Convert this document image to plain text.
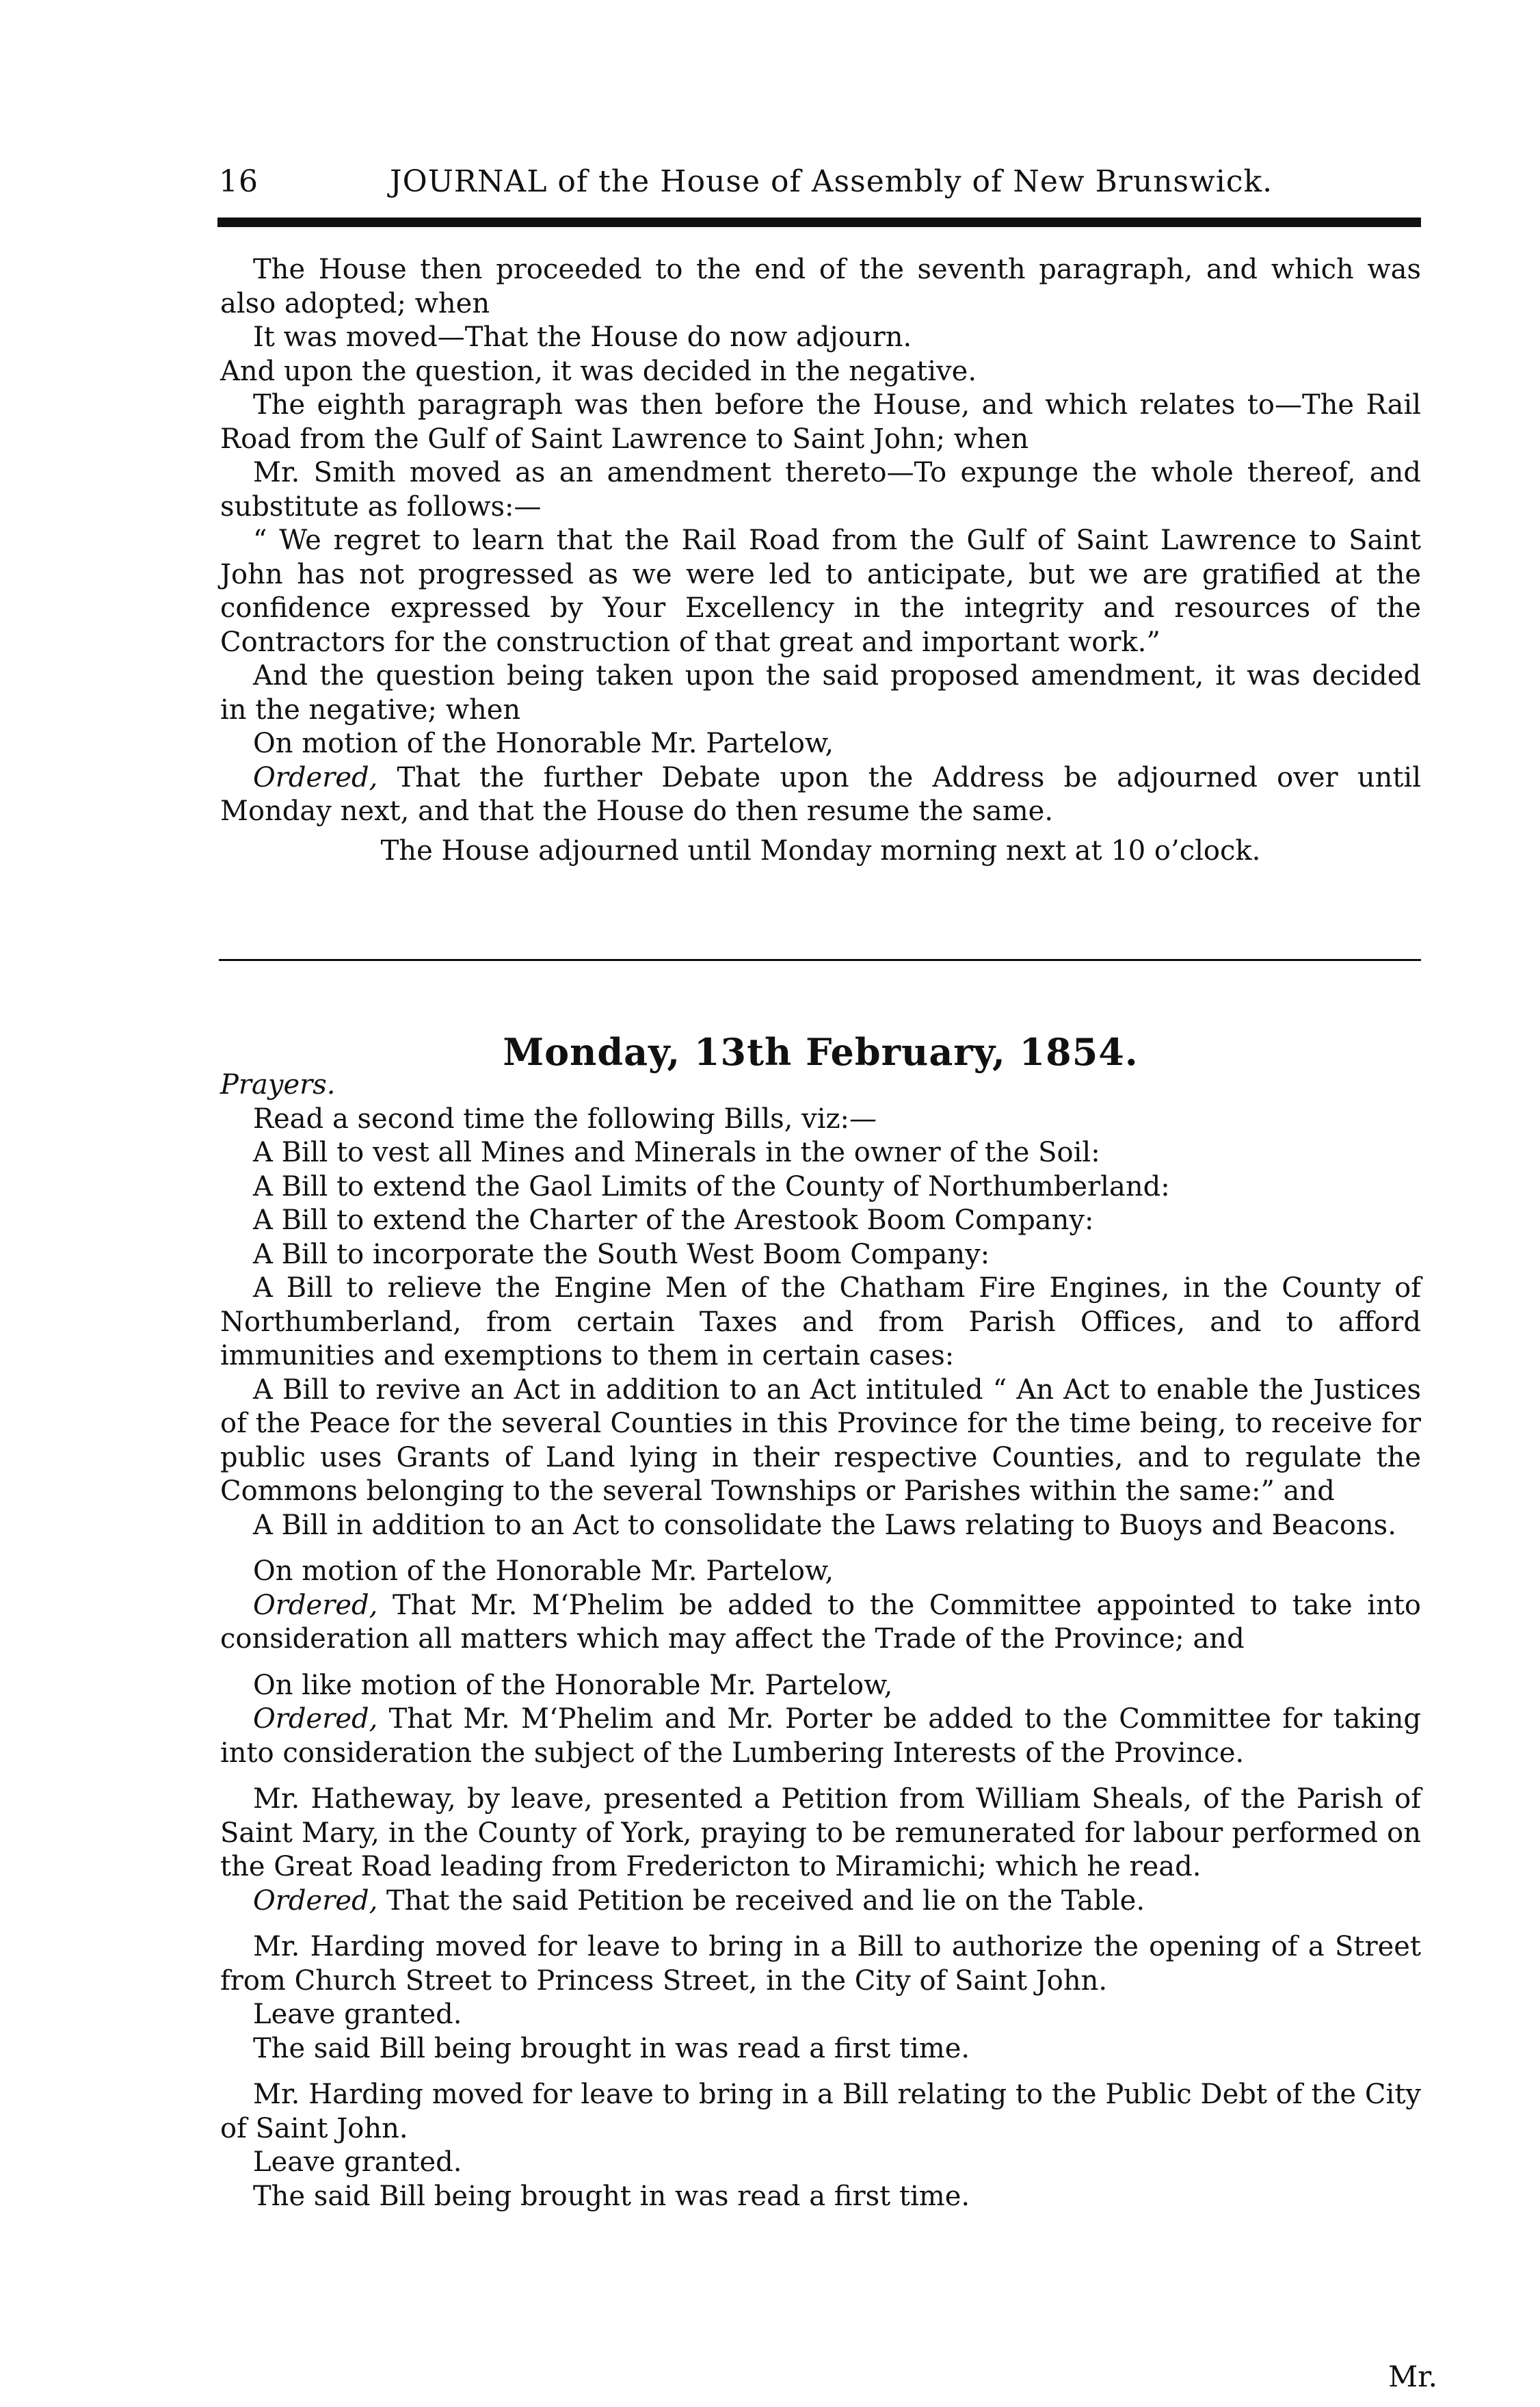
16	JOURNAL of the House of Assembly of New Brunswick.

The House then proceeded to the end of the seventh paragraph, and which was also adopted; when

It was moved—That the House do now adjourn.

And upon the question, it was decided in the negative.

The eighth paragraph was then before the House, and which relates to—The Rail Road from the Gulf of Saint Lawrence to Saint John; when

Mr. Smith moved as an amendment thereto—To expunge the whole thereof, and substitute as follows:—

“ We regret to learn that the Rail Road from the Gulf of Saint Lawrence to Saint John has not progressed as we were led to anticipate, but we are gratified at the confidence expressed by Your Excellency in the integrity and resources of the Contractors for the construction of that great and important work.”

And the question being taken upon the said proposed amendment, it was decided in the negative; when

On motion of the Honorable Mr. Partelow,

Ordered, That the further Debate upon the Address be adjourned over until Monday next, and that the House do then resume the same.

The House adjourned until Monday morning next at 10 o’clock.

Monday, 13th February, 1854.

Prayers.

Read a second time the following Bills, viz:—

A Bill to vest all Mines and Minerals in the owner of the Soil:

A Bill to extend the Gaol Limits of the County of Northumberland:

A Bill to extend the Charter of the Arestook Boom Company:

A Bill to incorporate the South West Boom Company:

A Bill to relieve the Engine Men of the Chatham Fire Engines, in the County of Northumberland, from certain Taxes and from Parish Offices, and to afford immunities and exemptions to them in certain cases:

A Bill to revive an Act in addition to an Act intituled “ An Act to enable the Justices of the Peace for the several Counties in this Province for the time being, to receive for public uses Grants of Land lying in their respective Counties, and to regulate the Commons belonging to the several Townships or Parishes within the same:” and

A Bill in addition to an Act to consolidate the Laws relating to Buoys and Beacons.

On motion of the Honorable Mr. Partelow,

Ordered, That Mr. M‘Phelim be added to the Committee appointed to take into consideration all matters which may affect the Trade of the Province; and

On like motion of the Honorable Mr. Partelow,

Ordered, That Mr. M‘Phelim and Mr. Porter be added to the Committee for taking into consideration the subject of the Lumbering Interests of the Province.

Mr. Hatheway, by leave, presented a Petition from William Sheals, of the Parish of Saint Mary, in the County of York, praying to be remunerated for labour performed on the Great Road leading from Fredericton to Miramichi; which he read.

Ordered, That the said Petition be received and lie on the Table.

Mr. Harding moved for leave to bring in a Bill to authorize the opening of a Street from Church Street to Princess Street, in the City of Saint John.

Leave granted.

The said Bill being brought in was read a first time.

Mr. Harding moved for leave to bring in a Bill relating to the Public Debt of the City of Saint John.

Leave granted.

The said Bill being brought in was read a first time.

Mr.
